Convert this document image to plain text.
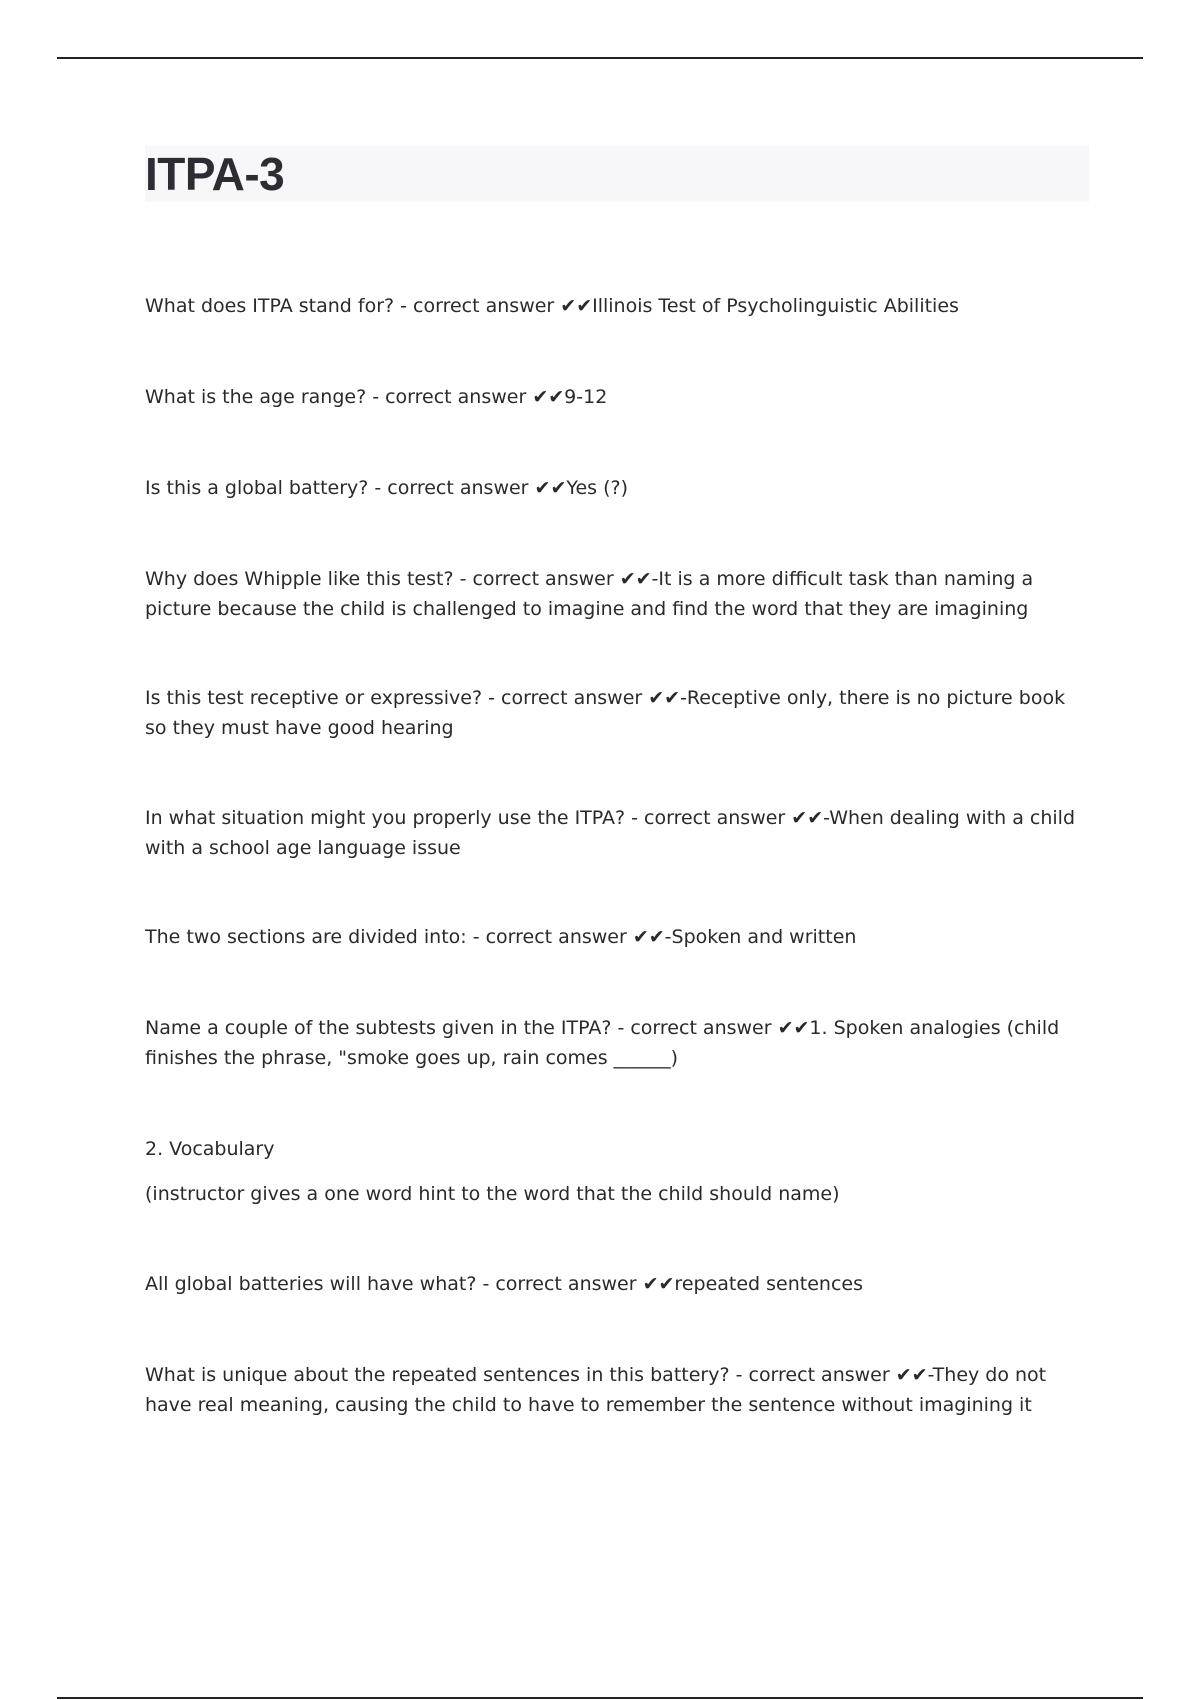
ITPA-3

What does ITPA stand for? - correct answer ✔✔Illinois Test of Psycholinguistic Abilities

What is the age range? - correct answer ✔✔9-12

Is this a global battery? - correct answer ✔✔Yes (?)

Why does Whipple like this test? - correct answer ✔✔-It is a more difficult task than naming a picture because the child is challenged to imagine and find the word that they are imagining

Is this test receptive or expressive? - correct answer ✔✔-Receptive only, there is no picture book so they must have good hearing

In what situation might you properly use the ITPA? - correct answer ✔✔-When dealing with a child with a school age language issue

The two sections are divided into: - correct answer ✔✔-Spoken and written

Name a couple of the subtests given in the ITPA? - correct answer ✔✔1. Spoken analogies (child finishes the phrase, "smoke goes up, rain comes ______)

2. Vocabulary

(instructor gives a one word hint to the word that the child should name)

All global batteries will have what? - correct answer ✔✔repeated sentences

What is unique about the repeated sentences in this battery? - correct answer ✔✔-They do not have real meaning, causing the child to have to remember the sentence without imagining it
